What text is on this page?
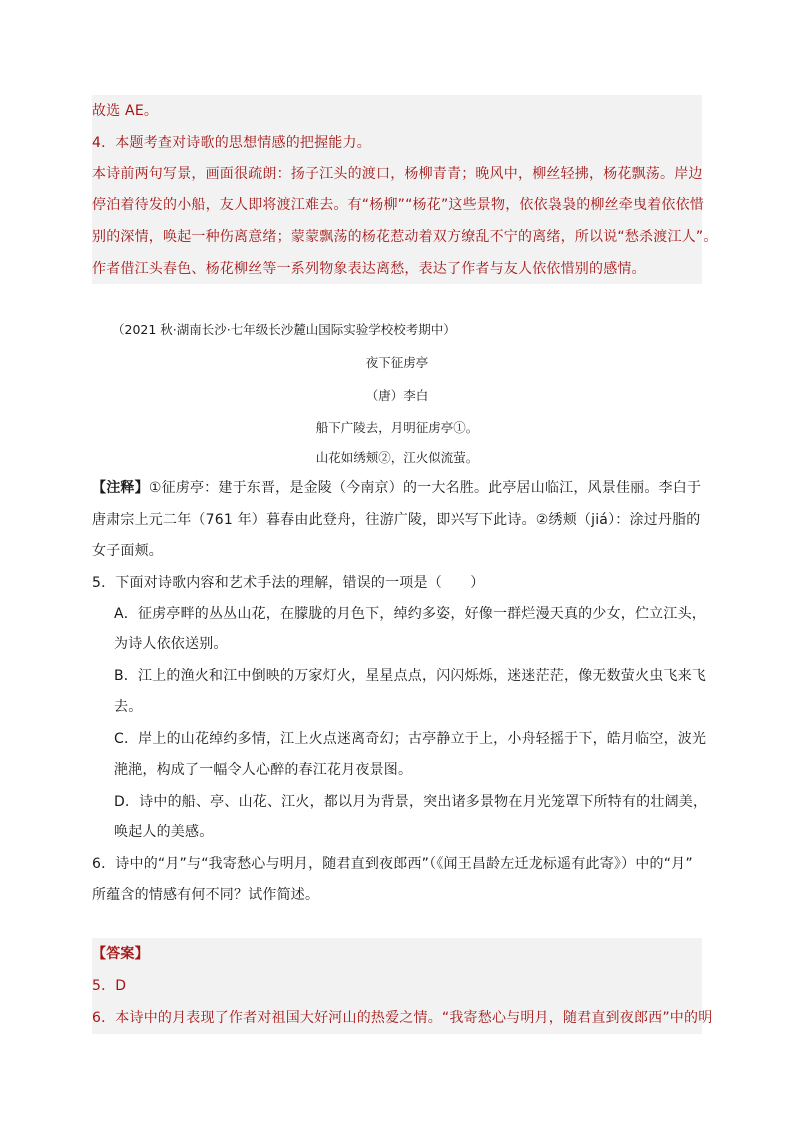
故选 AE。
4．本题考查对诗歌的思想情感的把握能力。
本诗前两句写景，画面很疏朗：扬子江头的渡口，杨柳青青；晚风中，柳丝轻拂，杨花飘荡。岸边
停泊着待发的小船，友人即将渡江难去。有“杨柳”“杨花”这些景物，依依袅袅的柳丝牵曳着依依惜
别的深情，唤起一种伤离意绪；蒙蒙飘荡的杨花惹动着双方缭乱不宁的离绪，所以说“愁杀渡江人”。
作者借江头春色、杨花柳丝等一系列物象表达离愁，表达了作者与友人依依惜别的感情。
（2021 秋·湖南长沙·七年级长沙麓山国际实验学校校考期中）
夜下征虏亭
（唐）李白
船下广陵去，月明征虏亭①。
山花如绣颊②，江火似流萤。
【注释】①征虏亭：建于东晋，是金陵（今南京）的一大名胜。此亭居山临江，风景佳丽。李白于
唐肃宗上元二年（761 年）暮春由此登舟，往游广陵，即兴写下此诗。②绣颊（jiá）：涂过丹脂的
女子面颊。
5．下面对诗歌内容和艺术手法的理解，错误的一项是（　　）
A．征虏亭畔的丛丛山花，在朦胧的月色下，绰约多姿，好像一群烂漫天真的少女，伫立江头，
为诗人依依送别。
B．江上的渔火和江中倒映的万家灯火，星星点点，闪闪烁烁，迷迷茫茫，像无数萤火虫飞来飞
去。
C．岸上的山花绰约多情，江上火点迷离奇幻；古亭静立于上，小舟轻摇于下，皓月临空，波光
滟滟，构成了一幅令人心醉的春江花月夜景图。
D．诗中的船、亭、山花、江火，都以月为背景，突出诸多景物在月光笼罩下所特有的壮阔美，
唤起人的美感。
6．诗中的“月”与“我寄愁心与明月，随君直到夜郎西”（《闻王昌龄左迁龙标遥有此寄》）中的“月”
所蕴含的情感有何不同？试作简述。
【答案】
5．D
6．本诗中的月表现了作者对祖国大好河山的热爱之情。“我寄愁心与明月，随君直到夜郎西”中的明
